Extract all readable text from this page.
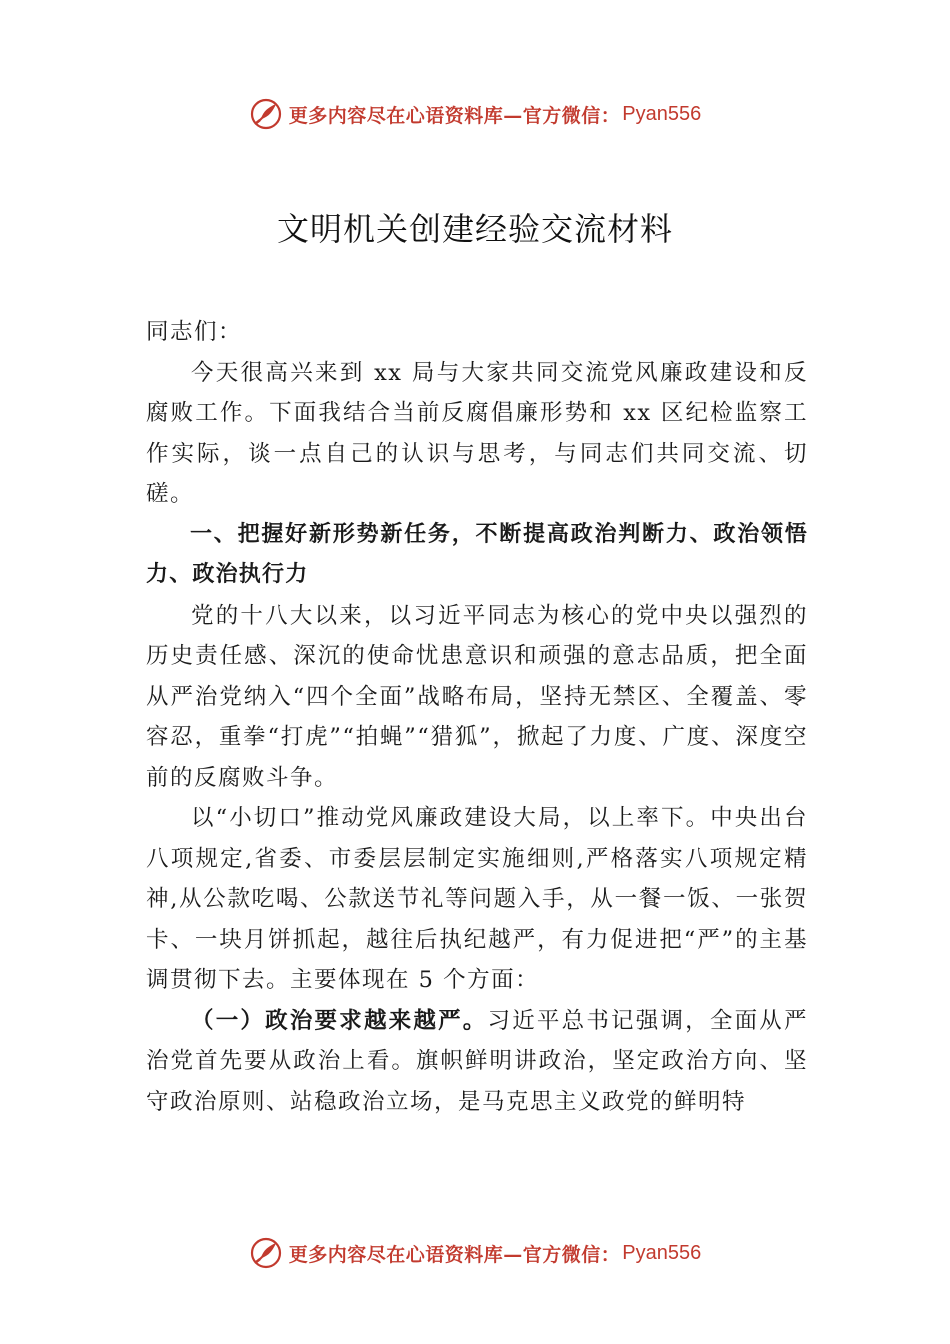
更多内容尽在心语资料库—官方微信： Pyan556
文明机关创建经验交流材料

同志们：

今天很高兴来到 xx 局与大家共同交流党风廉政建设和反腐败工作。下面我结合当前反腐倡廉形势和 xx 区纪检监察工作实际，谈一点自己的认识与思考，与同志们共同交流、切磋。

一、把握好新形势新任务，不断提高政治判断力、政治领悟力、政治执行力

党的十八大以来，以习近平同志为核心的党中央以强烈的历史责任感、深沉的使命忧患意识和顽强的意志品质，把全面从严治党纳入“四个全面”战略布局，坚持无禁区、全覆盖、零容忍，重拳“打虎”“拍蝇”“猎狐”，掀起了力度、广度、深度空前的反腐败斗争。

以“小切口”推动党风廉政建设大局，以上率下。中央出台八项规定,省委、市委层层制定实施细则,严格落实八项规定精神,从公款吃喝、公款送节礼等问题入手，从一餐一饭、一张贺卡、一块月饼抓起，越往后执纪越严，有力促进把“严”的主基调贯彻下去。主要体现在 5 个方面：

（一）政治要求越来越严。习近平总书记强调，全面从严治党首先要从政治上看。旗帜鲜明讲政治，坚定政治方向、坚守政治原则、站稳政治立场，是马克思主义政党的鲜明特

更多内容尽在心语资料库—官方微信： Pyan556
